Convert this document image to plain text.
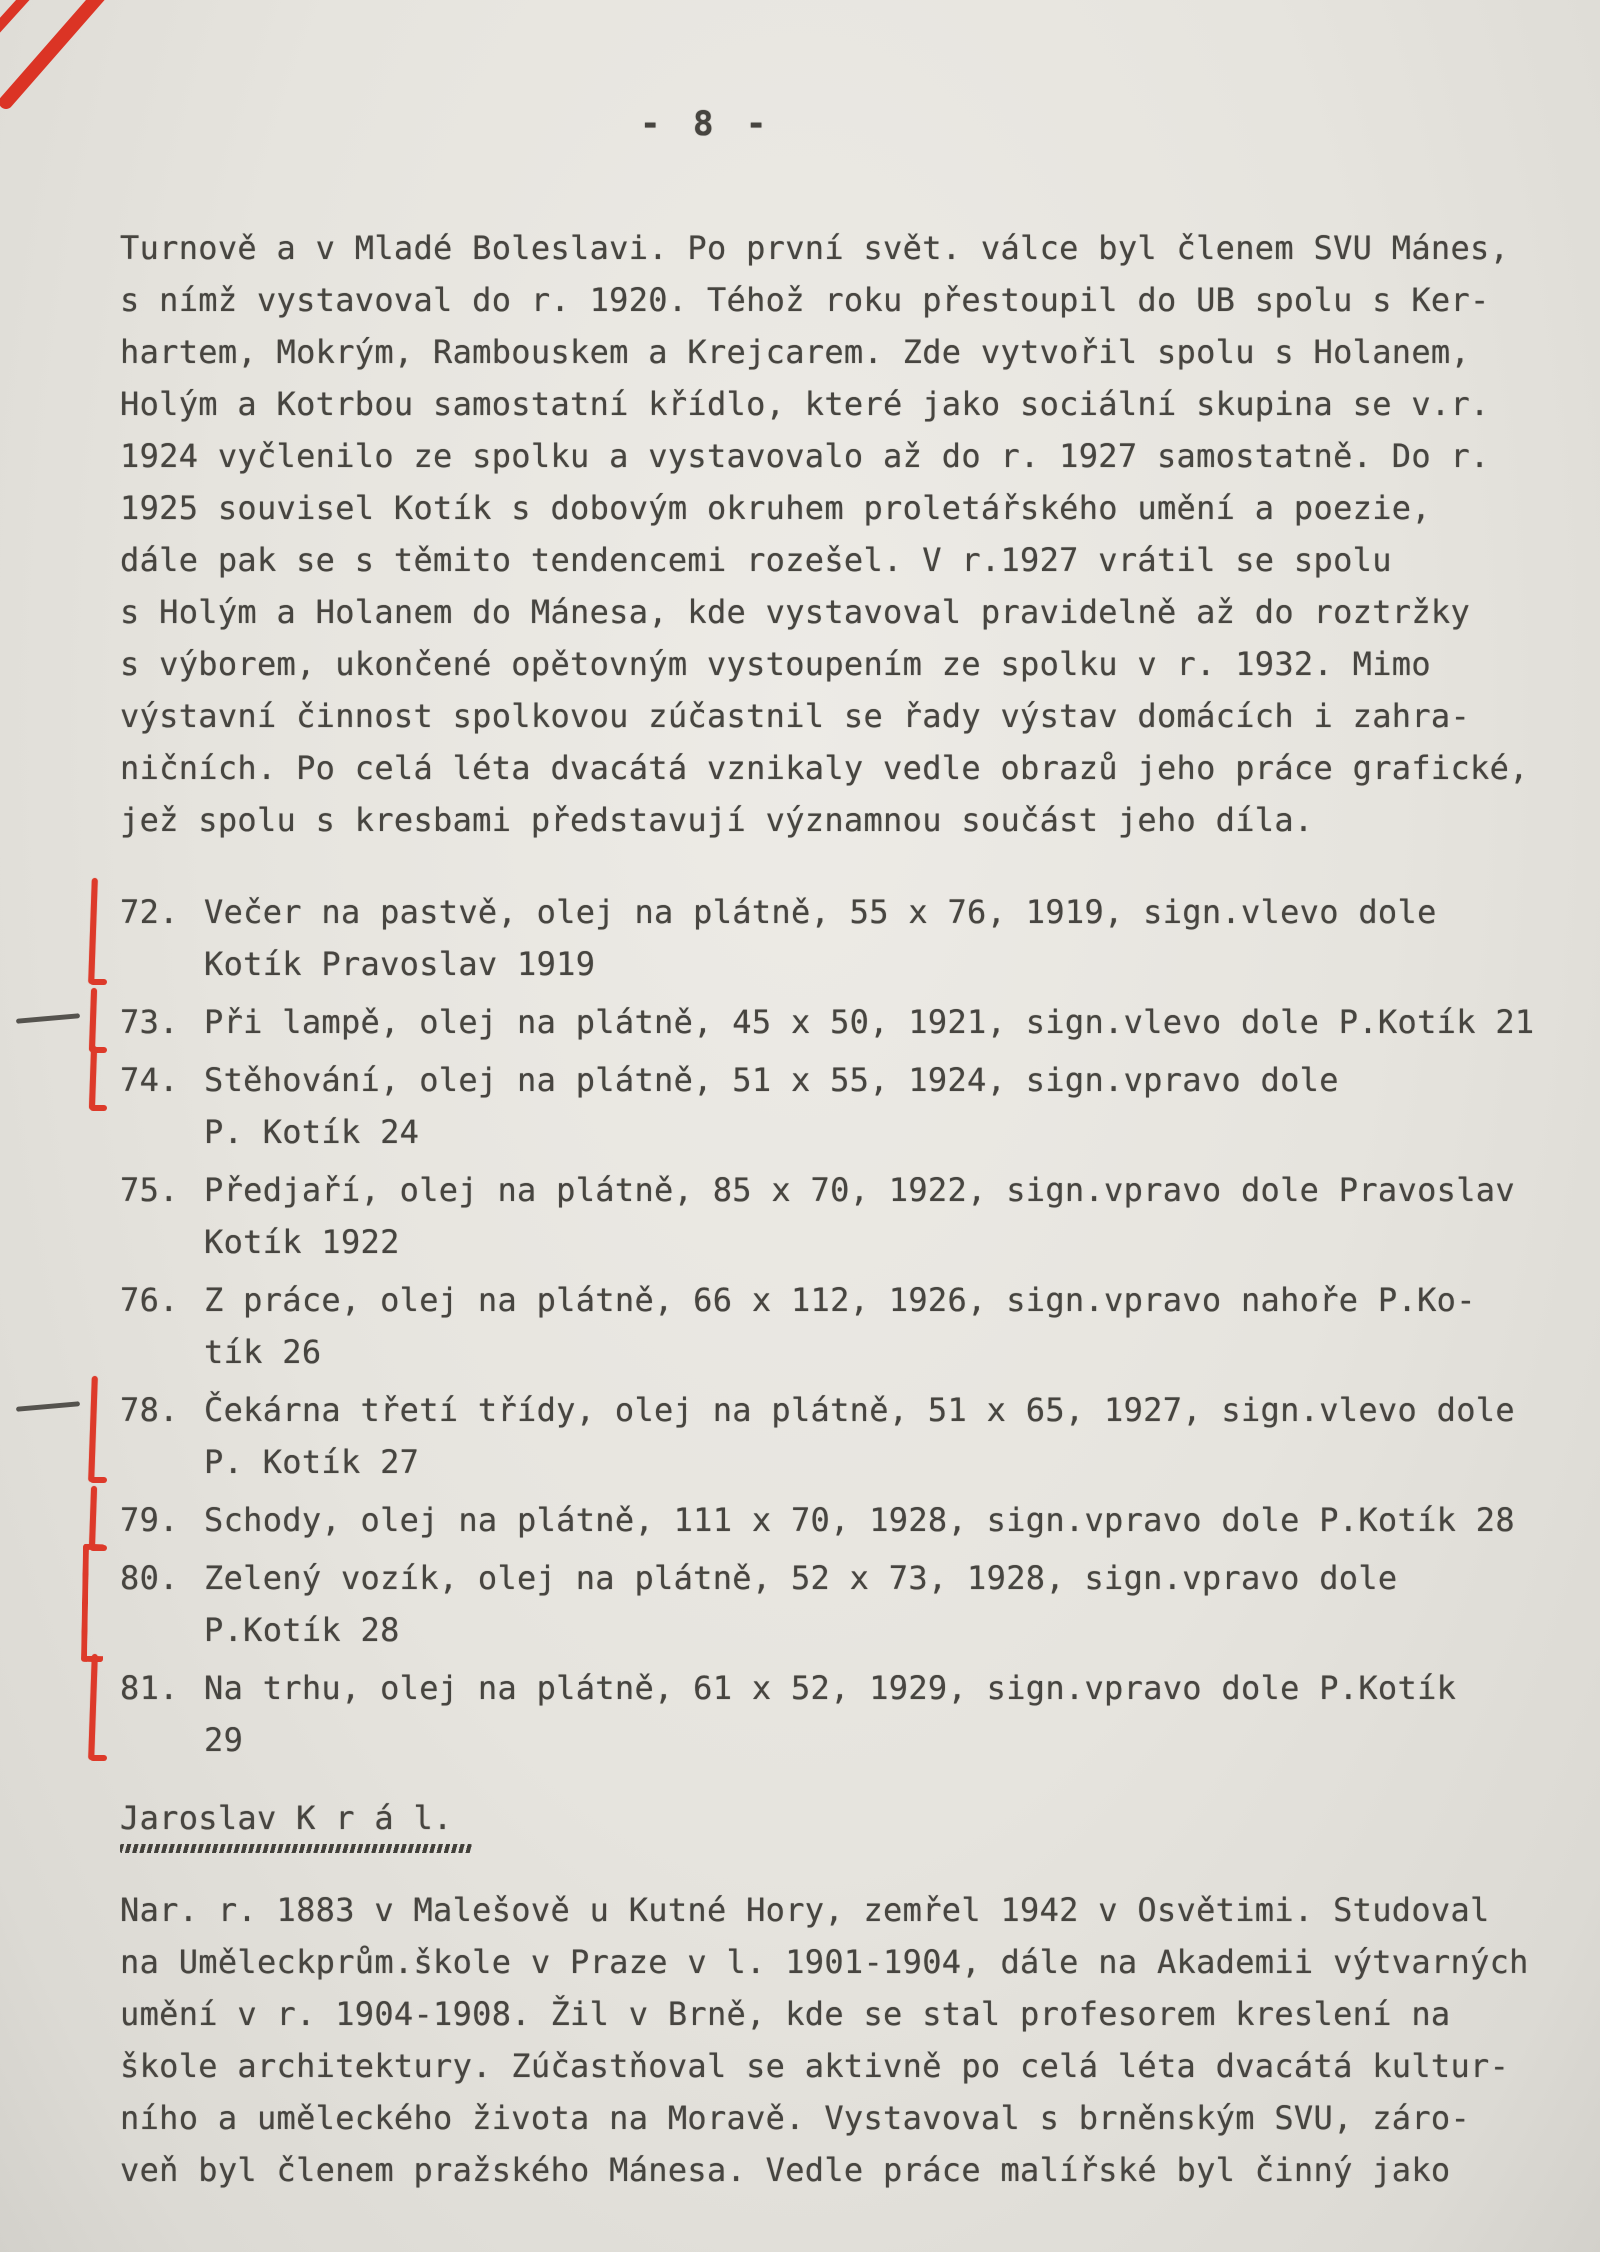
- 8 -
Turnově a v Mladé Boleslavi. Po první svět. válce byl členem SVU Mánes,
s nímž vystavoval do r. 1920. Téhož roku přestoupil do UB spolu s Ker-
hartem, Mokrým, Rambouskem a Krejcarem. Zde vytvořil spolu s Holanem,
Holým a Kotrbou samostatní křídlo, které jako sociální skupina se v.r.
1924 vyčlenilo ze spolku a vystavovalo až do r. 1927 samostatně. Do r.
1925 souvisel Kotík s dobovým okruhem proletářského umění a poezie,
dále pak se s těmito tendencemi rozešel. V r.1927 vrátil se spolu
s Holým a Holanem do Mánesa, kde vystavoval pravidelně až do roztržky
s výborem, ukončené opětovným vystoupením ze spolku v r. 1932. Mimo
výstavní činnost spolkovou zúčastnil se řady výstav domácích i zahra-
ničních. Po celá léta dvacátá vznikaly vedle obrazů jeho práce grafické,
jež spolu s kresbami představují významnou součást jeho díla.
72. Večer na pastvě, olej na plátně, 55 x 76, 1919, sign.vlevo dole
Kotík Pravoslav 1919
73. Při lampě, olej na plátně, 45 x 50, 1921, sign.vlevo dole P.Kotík 21
74. Stěhování, olej na plátně, 51 x 55, 1924, sign.vpravo dole
P. Kotík 24
75. Předjaří, olej na plátně, 85 x 70, 1922, sign.vpravo dole Pravoslav
Kotík 1922
76. Z práce, olej na plátně, 66 x 112, 1926, sign.vpravo nahoře P.Ko-
tík 26
78. Čekárna třetí třídy, olej na plátně, 51 x 65, 1927, sign.vlevo dole
P. Kotík 27
79. Schody, olej na plátně, 111 x 70, 1928, sign.vpravo dole P.Kotík 28
80. Zelený vozík, olej na plátně, 52 x 73, 1928, sign.vpravo dole
P.Kotík 28
81. Na trhu, olej na plátně, 61 x 52, 1929, sign.vpravo dole P.Kotík
29
Jaroslav K r á l.
Nar. r. 1883 v Malešově u Kutné Hory, zemřel 1942 v Osvětimi. Studoval
na Uměleckprům.škole v Praze v l. 1901-1904, dále na Akademii výtvarných
umění v r. 1904-1908. Žil v Brně, kde se stal profesorem kreslení na
škole architektury. Zúčastňoval se aktivně po celá léta dvacátá kultur-
ního a uměleckého života na Moravě. Vystavoval s brněnským SVU, záro-
veň byl členem pražského Mánesa. Vedle práce malířské byl činný jako
